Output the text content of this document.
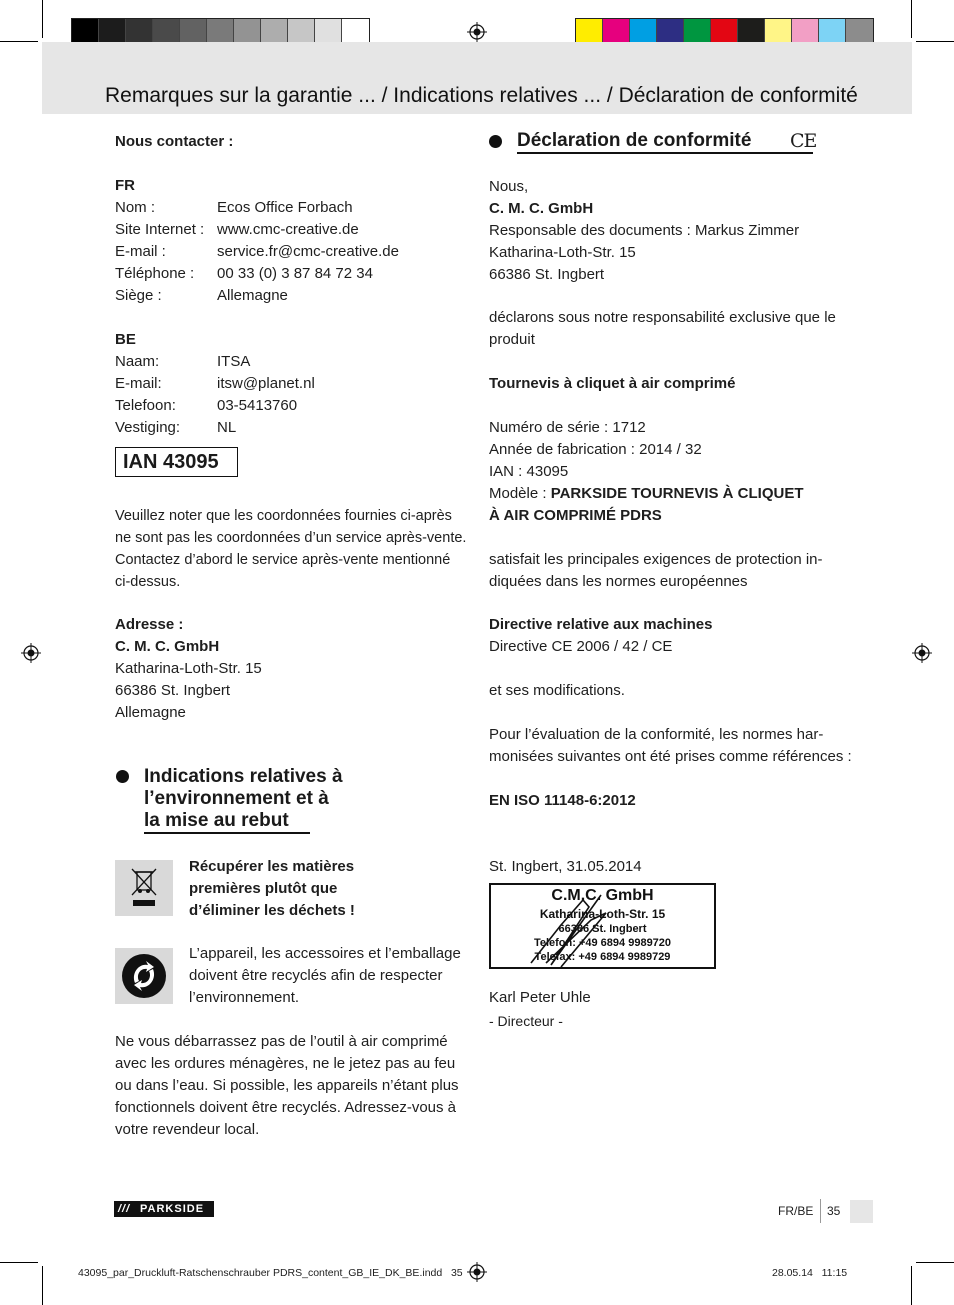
Remarques sur la garantie ... / Indications relatives ... / Déclaration de conformité
Nous contacter :
FR
Nom :	Ecos Office Forbach
Site Internet : www.cmc-creative.de
E-mail :	service.fr@cmc-creative.de
Téléphone : 00 33 (0) 3 87 84 72 34
Siège :	Allemagne
BE
Naam:	ITSA
E-mail:	itsw@planet.nl
Telefoon:	03-5413760
Vestiging: NL
IAN 43095
Veuillez noter que les coordonnées fournies ci-après
ne sont pas les coordonnées d’un service après-vente.
Contactez d’abord le service après-vente mentionné
ci-dessus.
Adresse :
C. M. C. GmbH
Katharina-Loth-Str. 15
66386 St. Ingbert
Allemagne
Indications relatives à
l’environnement et à
la mise au rebut
Récupérer les matières
premières plutôt que
d’éliminer les déchets !
L’appareil, les accessoires et l’emballage
doivent être recyclés afin de respecter
l’environnement.
Ne vous débarrassez pas de l’outil à air comprimé
avec les ordures ménagères, ne le jetez pas au feu
ou dans l’eau. Si possible, les appareils n’étant plus
fonctionnels doivent être recyclés. Adressez-vous à
votre revendeur local.
Déclaration de conformité CE
Nous,
C. M. C. GmbH
Responsable des documents : Markus Zimmer
Katharina-Loth-Str. 15
66386 St. Ingbert
déclarons sous notre responsabilité exclusive que le
produit
Tournevis à cliquet à air comprimé
Numéro de série : 1712
Année de fabrication : 2014 / 32
IAN : 43095
Modèle : PARKSIDE TOURNEVIS À CLIQUET
À AIR COMPRIMÉ PDRS
satisfait les principales exigences de protection in-
diquées dans les normes européennes
Directive relative aux machines
Directive CE 2006 / 42 / CE
et ses modifications.
Pour l’évaluation de la conformité, les normes har-
monisées suivantes ont été prises comme références :
EN ISO 11148-6:2012
St. Ingbert, 31.05.2014
C.M.C. GmbH
Katharina-Loth-Str. 15
66386 St. Ingbert
Telefon: +49 6894 9989720
Telefax: +49 6894 9989729
Karl Peter Uhle
- Directeur -
/// PARKSIDE	FR/BE 35
43095_par_Druckluft-Ratschenschrauber PDRS_content_GB_IE_DK_BE.indd   35	28.05.14   11:15
